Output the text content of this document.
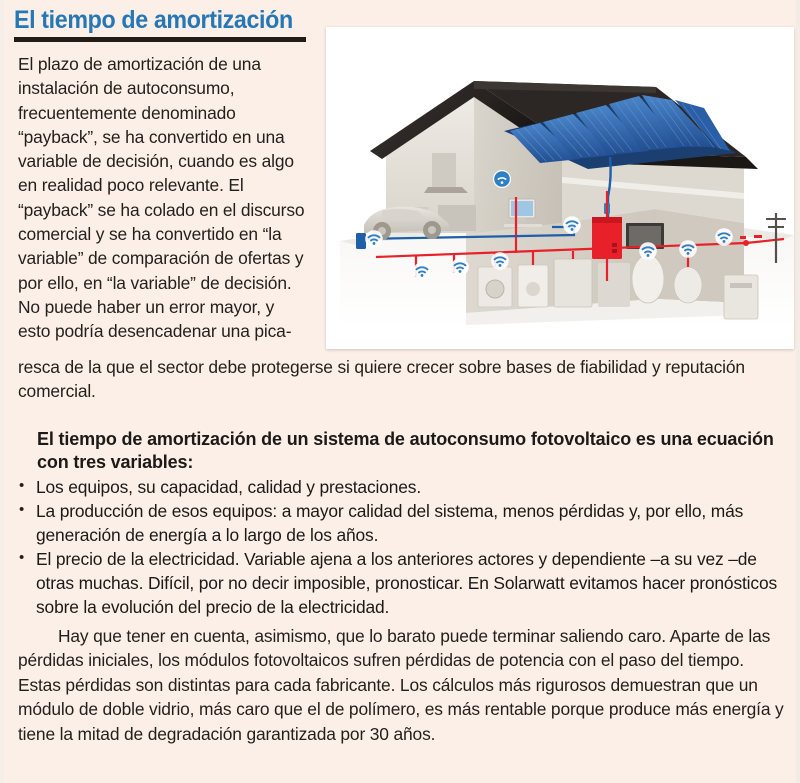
El tiempo de amortización

El plazo de amortización de una instalación de autoconsumo, frecuentemente denominado “payback”, se ha convertido en una variable de decisión, cuando es algo en realidad poco relevante. El “payback” se ha colado en el discurso comercial y se ha convertido en “la variable” de comparación de ofertas y por ello, en “la variable” de decisión. No puede haber un error mayor, y esto podría desencadenar una pica-

resca de la que el sector debe protegerse si quiere crecer sobre bases de fiabilidad y reputación comercial.

El tiempo de amortización de un sistema de autoconsumo fotovoltaico es una ecuación con tres variables:

• Los equipos, su capacidad, calidad y prestaciones.
• La producción de esos equipos: a mayor calidad del sistema, menos pérdidas y, por ello, más generación de energía a lo largo de los años.
• El precio de la electricidad. Variable ajena a los anteriores actores y dependiente –a su vez –de otras muchas. Difícil, por no decir imposible, pronosticar. En Solarwatt evitamos hacer pronósticos sobre la evolución del precio de la electricidad.

Hay que tener en cuenta, asimismo, que lo barato puede terminar saliendo caro. Aparte de las pérdidas iniciales, los módulos fotovoltaicos sufren pérdidas de potencia con el paso del tiempo. Estas pérdidas son distintas para cada fabricante. Los cálculos más rigurosos demuestran que un módulo de doble vidrio, más caro que el de polímero, es más rentable porque produce más energía y tiene la mitad de degradación garantizada por 30 años.
